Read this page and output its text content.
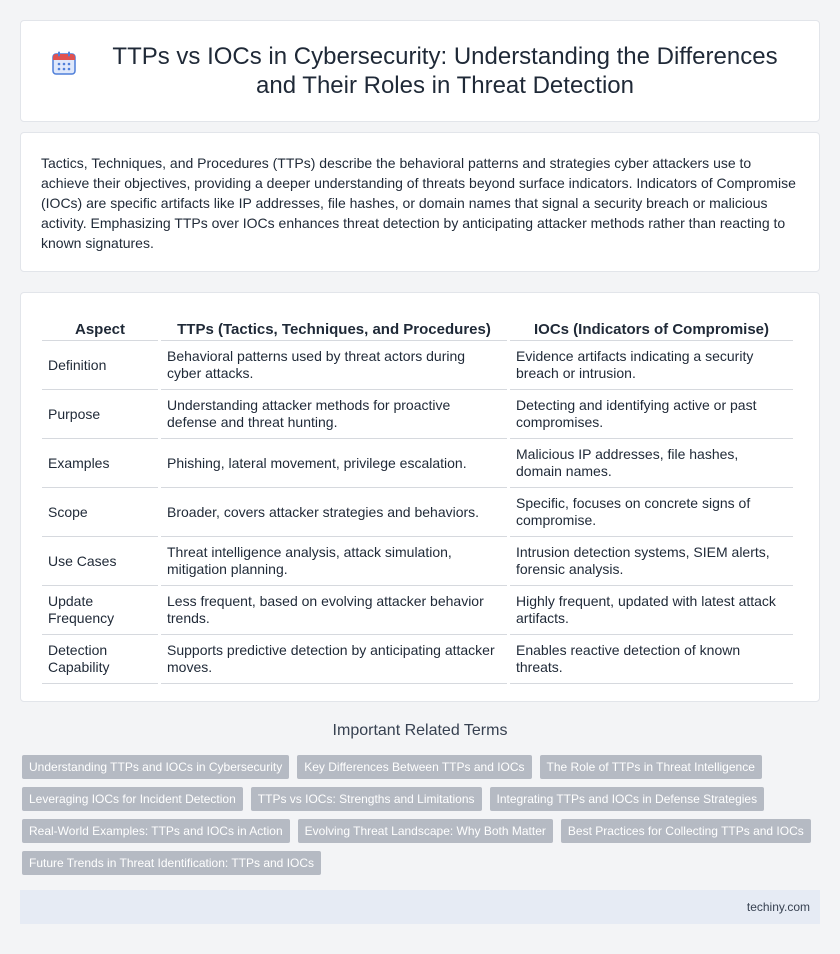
TTPs vs IOCs in Cybersecurity: Understanding the Differences and Their Roles in Threat Detection

Tactics, Techniques, and Procedures (TTPs) describe the behavioral patterns and strategies cyber attackers use to achieve their objectives, providing a deeper understanding of threats beyond surface indicators. Indicators of Compromise (IOCs) are specific artifacts like IP addresses, file hashes, or domain names that signal a security breach or malicious activity. Emphasizing TTPs over IOCs enhances threat detection by anticipating attacker methods rather than reacting to known signatures.

Aspect	TTPs (Tactics, Techniques, and Procedures)	IOCs (Indicators of Compromise)
Definition	Behavioral patterns used by threat actors during cyber attacks.	Evidence artifacts indicating a security breach or intrusion.
Purpose	Understanding attacker methods for proactive defense and threat hunting.	Detecting and identifying active or past compromises.
Examples	Phishing, lateral movement, privilege escalation.	Malicious IP addresses, file hashes, domain names.
Scope	Broader, covers attacker strategies and behaviors.	Specific, focuses on concrete signs of compromise.
Use Cases	Threat intelligence analysis, attack simulation, mitigation planning.	Intrusion detection systems, SIEM alerts, forensic analysis.
Update Frequency	Less frequent, based on evolving attacker behavior trends.	Highly frequent, updated with latest attack artifacts.
Detection Capability	Supports predictive detection by anticipating attacker moves.	Enables reactive detection of known threats.
Important Related Terms
Understanding TTPs and IOCs in Cybersecurity	Key Differences Between TTPs and IOCs	The Role of TTPs in Threat Intelligence
Leveraging IOCs for Incident Detection	TTPs vs IOCs: Strengths and Limitations	Integrating TTPs and IOCs in Defense Strategies
Real-World Examples: TTPs and IOCs in Action	Evolving Threat Landscape: Why Both Matter	Best Practices for Collecting TTPs and IOCs
Future Trends in Threat Identification: TTPs and IOCs
techiny.com
